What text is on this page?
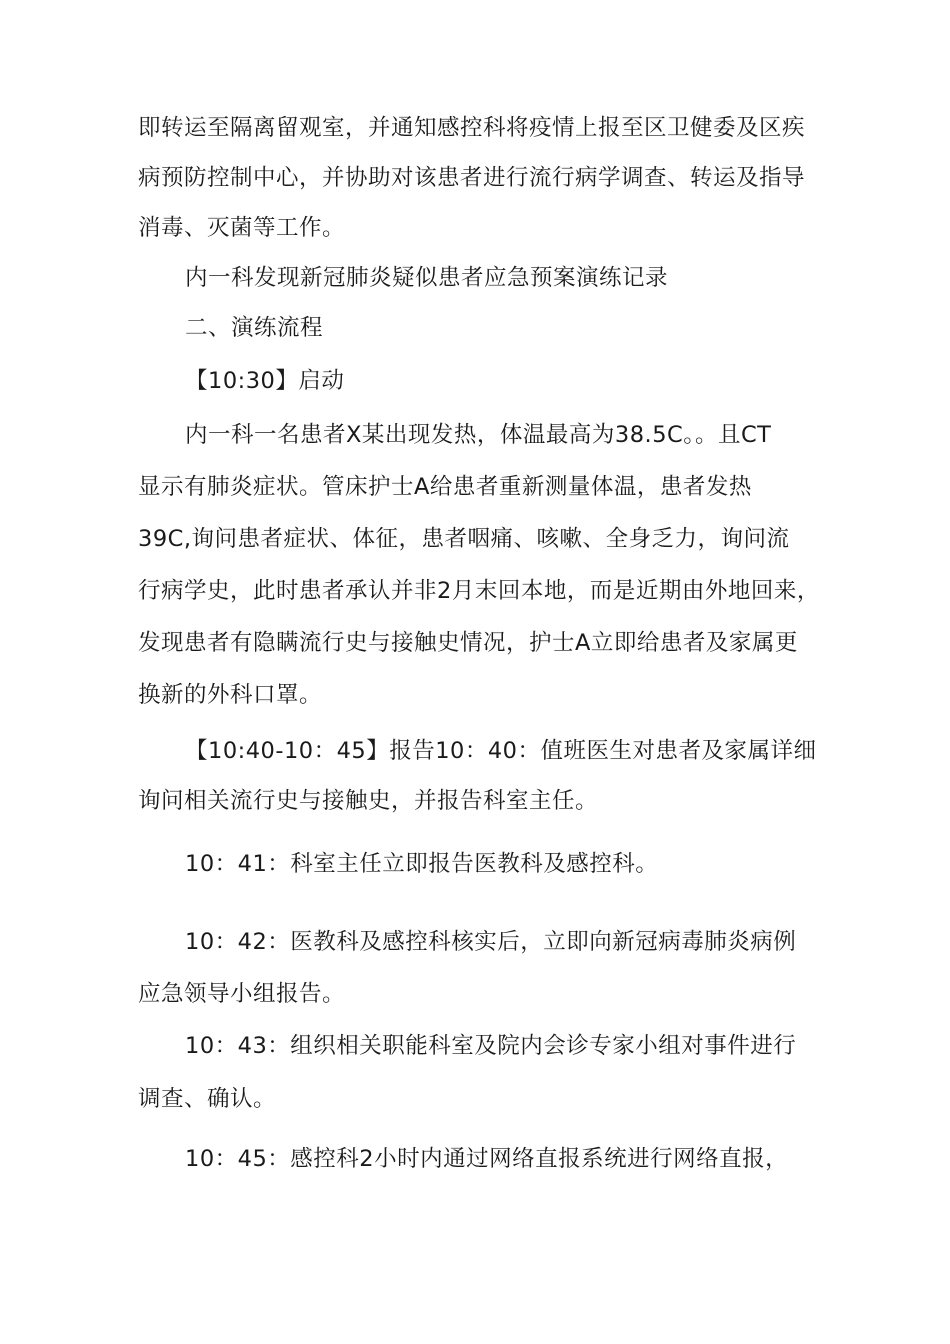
即转运至隔离留观室，并通知感控科将疫情上报至区卫健委及区疾
病预防控制中心，并协助对该患者进行流行病学调查、转运及指导
消毒、灭菌等工作。
内一科发现新冠肺炎疑似患者应急预案演练记录
二、演练流程
【10:30】启动
内一科一名患者X某出现发热，体温最高为38.5C。。且CT
显示有肺炎症状。管床护士A给患者重新测量体温，患者发热
39C,询问患者症状、体征，患者咽痛、咳嗽、全身乏力，询问流
行病学史，此时患者承认并非2月末回本地，而是近期由外地回来，
发现患者有隐瞒流行史与接触史情况，护士A立即给患者及家属更
换新的外科口罩。
【10:40-10：45】报告10：40：值班医生对患者及家属详细
询问相关流行史与接触史，并报告科室主任。
10：41：科室主任立即报告医教科及感控科。
10：42：医教科及感控科核实后，立即向新冠病毒肺炎病例
应急领导小组报告。
10：43：组织相关职能科室及院内会诊专家小组对事件进行
调查、确认。
10：45：感控科2小时内通过网络直报系统进行网络直报，
